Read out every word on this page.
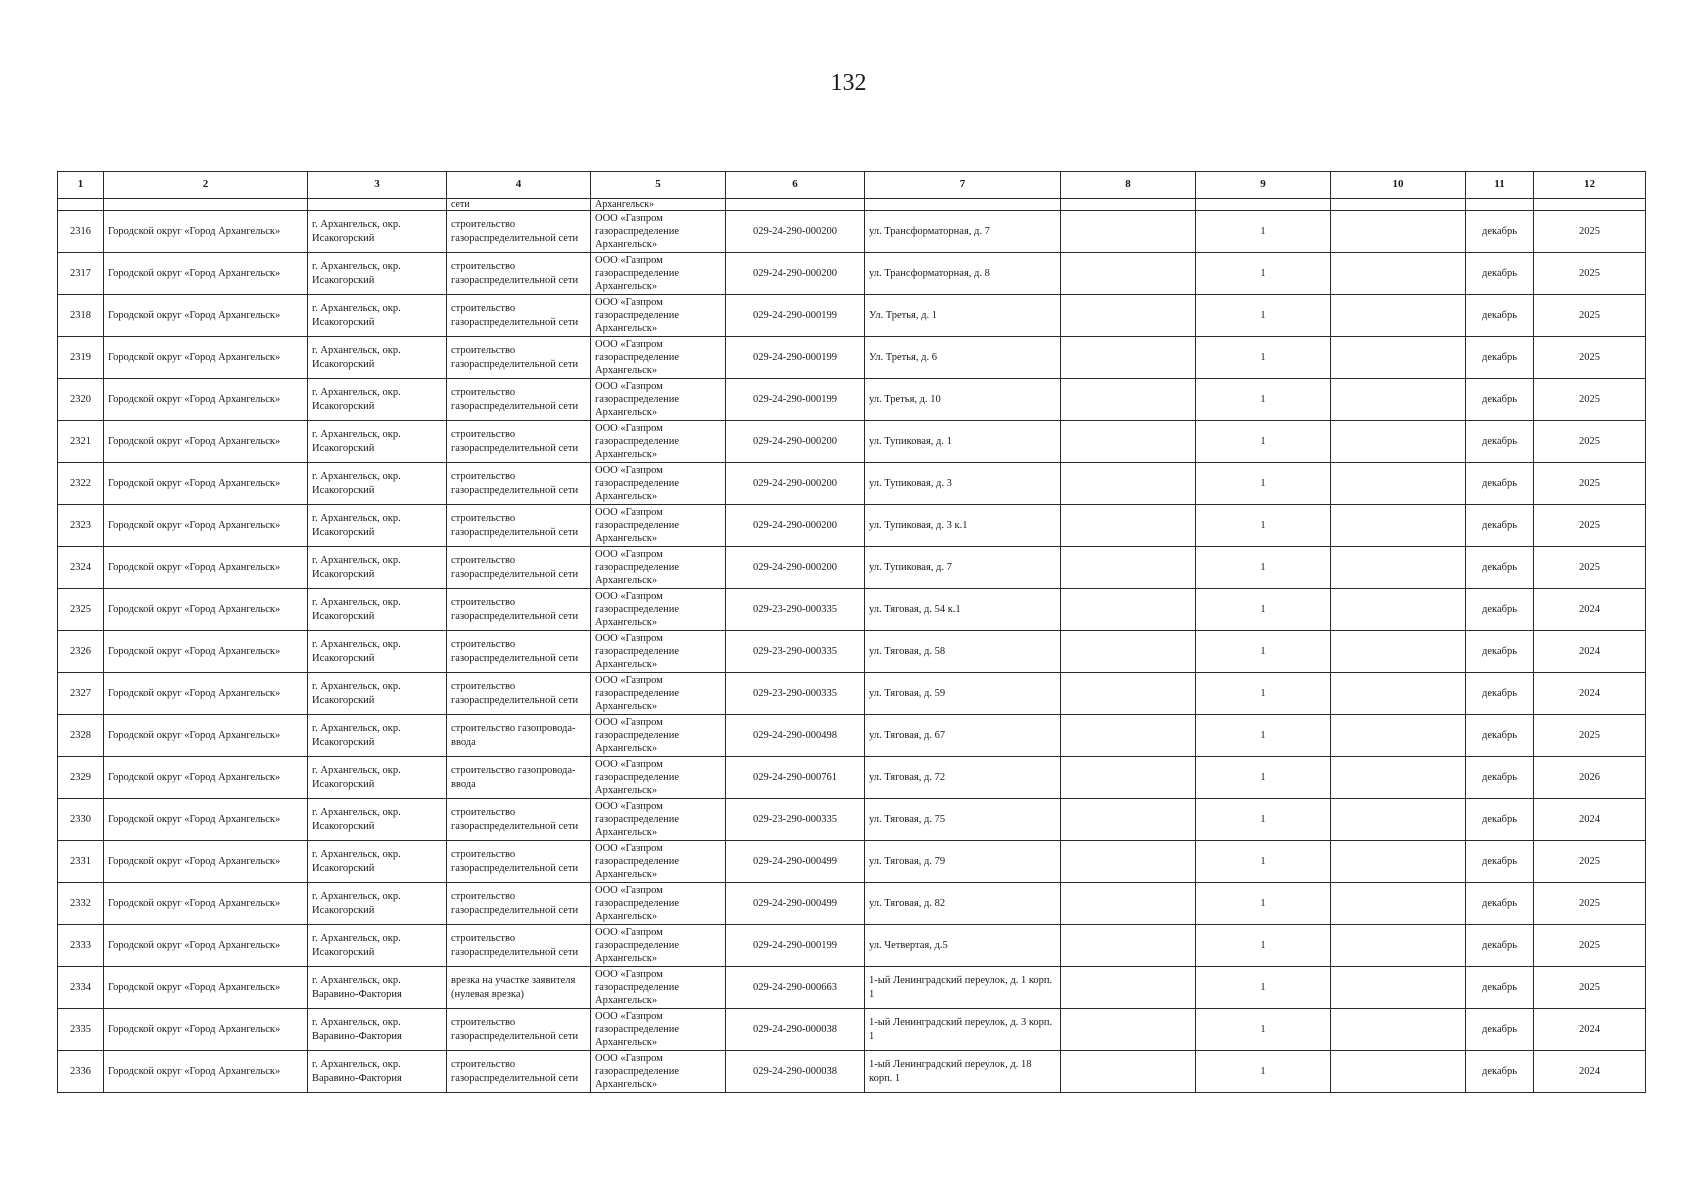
132
1	2	3	4	5	6	7	8	9	10	11	12
			сети	Архангельск»							
2316	Городской округ «Город Архангельск»	г. Архангельск, окр. Исакогорский	строительство газораспределительной сети	ООО «Газпром газораспределение Архангельск»	029-24-290-000200	ул. Трансформаторная, д. 7		1		декабрь	2025
2317	Городской округ «Город Архангельск»	г. Архангельск, окр. Исакогорский	строительство газораспределительной сети	ООО «Газпром газораспределение Архангельск»	029-24-290-000200	ул. Трансформаторная, д. 8		1		декабрь	2025
2318	Городской округ «Город Архангельск»	г. Архангельск, окр. Исакогорский	строительство газораспределительной сети	ООО «Газпром газораспределение Архангельск»	029-24-290-000199	Ул. Третья, д. 1		1		декабрь	2025
2319	Городской округ «Город Архангельск»	г. Архангельск, окр. Исакогорский	строительство газораспределительной сети	ООО «Газпром газораспределение Архангельск»	029-24-290-000199	Ул. Третья, д. 6		1		декабрь	2025
2320	Городской округ «Город Архангельск»	г. Архангельск, окр. Исакогорский	строительство газораспределительной сети	ООО «Газпром газораспределение Архангельск»	029-24-290-000199	ул. Третья, д. 10		1		декабрь	2025
2321	Городской округ «Город Архангельск»	г. Архангельск, окр. Исакогорский	строительство газораспределительной сети	ООО «Газпром газораспределение Архангельск»	029-24-290-000200	ул. Тупиковая, д. 1		1		декабрь	2025
2322	Городской округ «Город Архангельск»	г. Архангельск, окр. Исакогорский	строительство газораспределительной сети	ООО «Газпром газораспределение Архангельск»	029-24-290-000200	ул. Тупиковая, д. 3		1		декабрь	2025
2323	Городской округ «Город Архангельск»	г. Архангельск, окр. Исакогорский	строительство газораспределительной сети	ООО «Газпром газораспределение Архангельск»	029-24-290-000200	ул. Тупиковая, д. 3 к.1		1		декабрь	2025
2324	Городской округ «Город Архангельск»	г. Архангельск, окр. Исакогорский	строительство газораспределительной сети	ООО «Газпром газораспределение Архангельск»	029-24-290-000200	ул. Тупиковая, д. 7		1		декабрь	2025
2325	Городской округ «Город Архангельск»	г. Архангельск, окр. Исакогорский	строительство газораспределительной сети	ООО «Газпром газораспределение Архангельск»	029-23-290-000335	ул. Тяговая, д. 54 к.1		1		декабрь	2024
2326	Городской округ «Город Архангельск»	г. Архангельск, окр. Исакогорский	строительство газораспределительной сети	ООО «Газпром газораспределение Архангельск»	029-23-290-000335	ул. Тяговая, д. 58		1		декабрь	2024
2327	Городской округ «Город Архангельск»	г. Архангельск, окр. Исакогорский	строительство газораспределительной сети	ООО «Газпром газораспределение Архангельск»	029-23-290-000335	ул. Тяговая, д. 59		1		декабрь	2024
2328	Городской округ «Город Архангельск»	г. Архангельск, окр. Исакогорский	строительство газопровода-ввода	ООО «Газпром газораспределение Архангельск»	029-24-290-000498	ул. Тяговая, д. 67		1		декабрь	2025
2329	Городской округ «Город Архангельск»	г. Архангельск, окр. Исакогорский	строительство газопровода-ввода	ООО «Газпром газораспределение Архангельск»	029-24-290-000761	ул. Тяговая, д. 72		1		декабрь	2026
2330	Городской округ «Город Архангельск»	г. Архангельск, окр. Исакогорский	строительство газораспределительной сети	ООО «Газпром газораспределение Архангельск»	029-23-290-000335	ул. Тяговая, д. 75		1		декабрь	2024
2331	Городской округ «Город Архангельск»	г. Архангельск, окр. Исакогорский	строительство газораспределительной сети	ООО «Газпром газораспределение Архангельск»	029-24-290-000499	ул. Тяговая, д. 79		1		декабрь	2025
2332	Городской округ «Город Архангельск»	г. Архангельск, окр. Исакогорский	строительство газораспределительной сети	ООО «Газпром газораспределение Архангельск»	029-24-290-000499	ул. Тяговая, д. 82		1		декабрь	2025
2333	Городской округ «Город Архангельск»	г. Архангельск, окр. Исакогорский	строительство газораспределительной сети	ООО «Газпром газораспределение Архангельск»	029-24-290-000199	ул. Четвертая, д.5		1		декабрь	2025
2334	Городской округ «Город Архангельск»	г. Архангельск, окр. Варавино-Фактория	врезка на участке заявителя (нулевая врезка)	ООО «Газпром газораспределение Архангельск»	029-24-290-000663	1-ый Ленинградский переулок, д. 1 корп. 1		1		декабрь	2025
2335	Городской округ «Город Архангельск»	г. Архангельск, окр. Варавино-Фактория	строительство газораспределительной сети	ООО «Газпром газораспределение Архангельск»	029-24-290-000038	1-ый Ленинградский переулок, д. 3 корп. 1		1		декабрь	2024
2336	Городской округ «Город Архангельск»	г. Архангельск, окр. Варавино-Фактория	строительство газораспределительной сети	ООО «Газпром газораспределение Архангельск»	029-24-290-000038	1-ый Ленинградский переулок, д. 18 корп. 1		1		декабрь	2024
